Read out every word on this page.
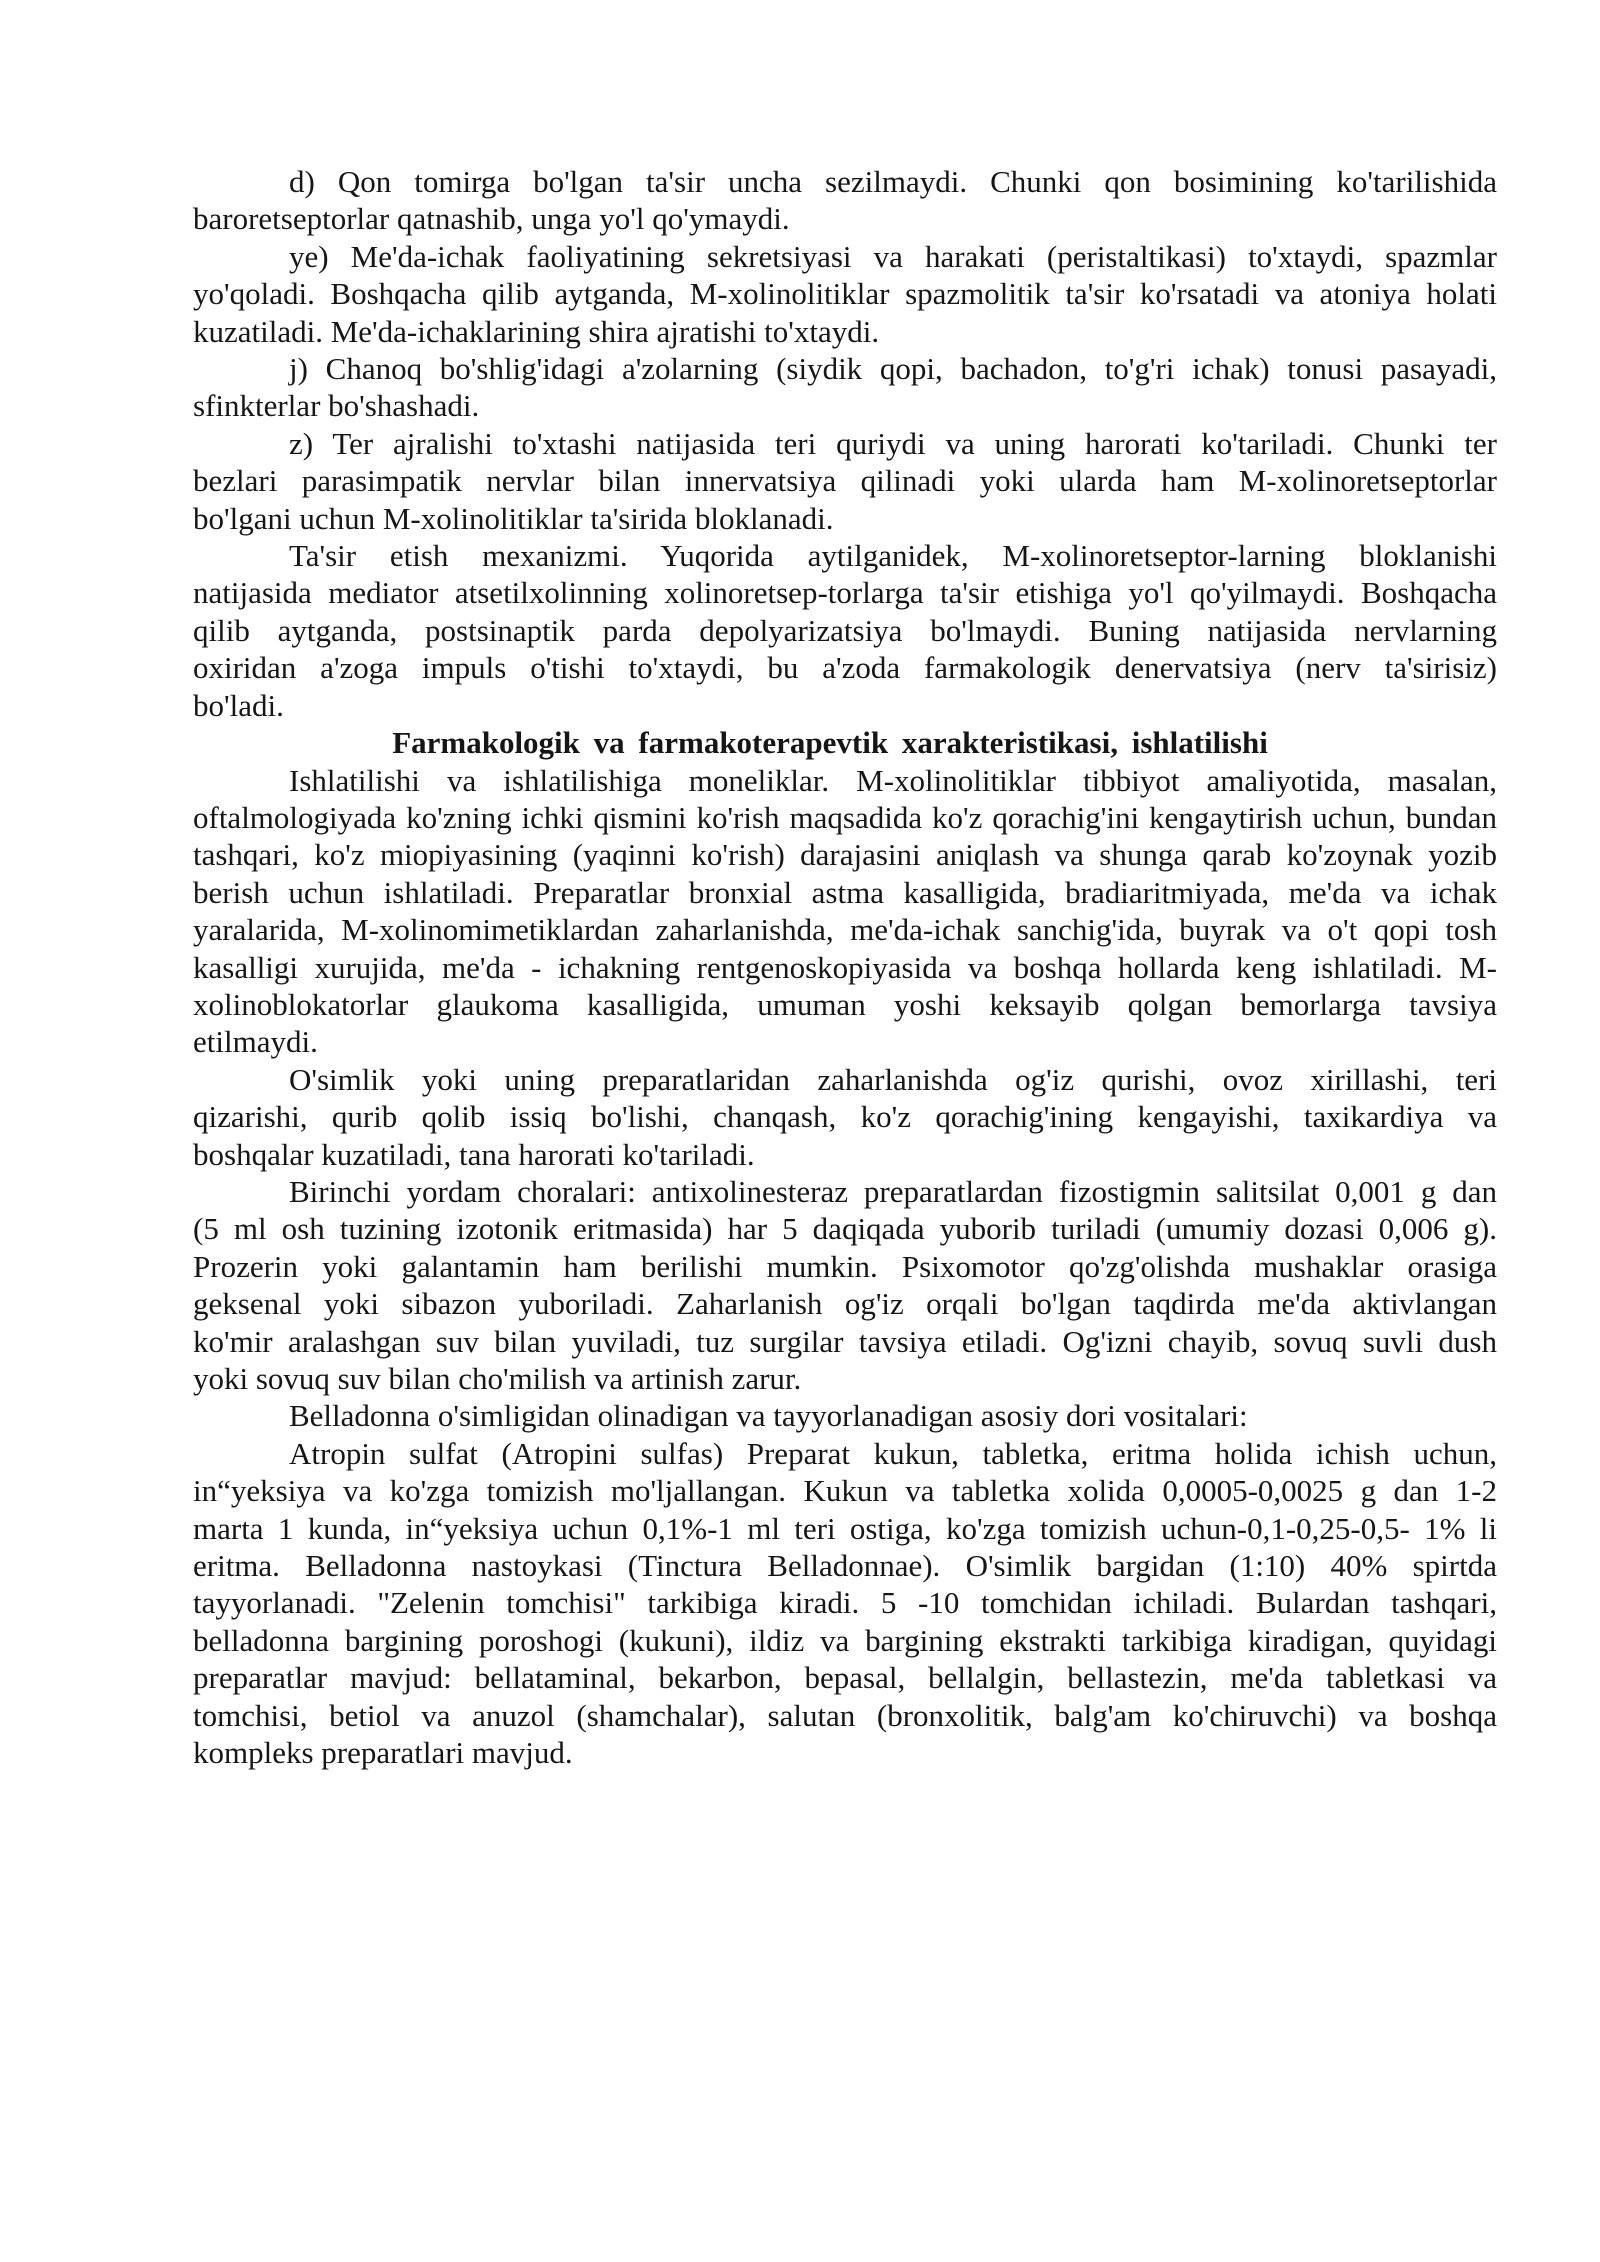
d) Qon tomirga bo'lgan ta'sir uncha sezilmaydi. Chunki qon bosimining ko'tarilishida
baroretseptorlar qatnashib, unga yo'l qo'ymaydi.
ye) Me'da-ichak faoliyatining sekretsiyasi va harakati (peristaltikasi) to'xtaydi, spazmlar
yo'qoladi. Boshqacha qilib aytganda, M-xolinolitiklar spazmolitik ta'sir ko'rsatadi va atoniya holati
kuzatiladi. Me'da-ichaklarining shira ajratishi to'xtaydi.
j) Chanoq bo'shlig'idagi a'zolarning (siydik qopi, bachadon, to'g'ri ichak) tonusi pasayadi,
sfinkterlar bo'shashadi.
z) Ter ajralishi to'xtashi natijasida teri quriydi va uning harorati ko'tariladi. Chunki ter
bezlari parasimpatik nervlar bilan innervatsiya qilinadi yoki ularda ham M-xolinoretseptorlar
bo'lgani uchun M-xolinolitiklar ta'sirida bloklanadi.
Ta'sir etish mexanizmi. Yuqorida aytilganidek, M-xolinoretseptor-larning bloklanishi
natijasida mediator atsetilxolinning xolinoretsep-torlarga ta'sir etishiga yo'l qo'yilmaydi. Boshqacha
qilib aytganda, postsinaptik parda depolyarizatsiya bo'lmaydi. Buning natijasida nervlarning
oxiridan a'zoga impuls o'tishi to'xtaydi, bu a'zoda farmakologik denervatsiya (nerv ta'sirisiz)
bo'ladi.
Farmakologik va farmakoterapevtik xarakteristikasi, ishlatilishi
Ishlatilishi va ishlatilishiga moneliklar. M-xolinolitiklar tibbiyot amaliyotida, masalan,
oftalmologiyada ko'zning ichki qismini ko'rish maqsadida ko'z qorachig'ini kengaytirish uchun, bundan
tashqari, ko'z miopiyasining (yaqinni ko'rish) darajasini aniqlash va shunga qarab ko'zoynak yozib
berish uchun ishlatiladi. Preparatlar bronxial astma kasalligida, bradiaritmiyada, me'da va ichak
yaralarida, M-xolinomimetiklardan zaharlanishda, me'da-ichak sanchig'ida, buyrak va o't qopi tosh
kasalligi xurujida, me'da - ichakning rentgenoskopiyasida va boshqa hollarda keng ishlatiladi. M-
xolinoblokatorlar glaukoma kasalligida, umuman yoshi keksayib qolgan bemorlarga tavsiya
etilmaydi.
O'simlik yoki uning preparatlaridan zaharlanishda og'iz qurishi, ovoz xirillashi, teri
qizarishi, qurib qolib issiq bo'lishi, chanqash, ko'z qorachig'ining kengayishi, taxikardiya va
boshqalar kuzatiladi, tana harorati ko'tariladi.
Birinchi yordam choralari: antixolinesteraz preparatlardan fizostigmin salitsilat 0,001 g dan
(5 ml osh tuzining izotonik eritmasida) har 5 daqiqada yuborib turiladi (umumiy dozasi 0,006 g).
Prozerin yoki galantamin ham berilishi mumkin. Psixomotor qo'zg'olishda mushaklar orasiga
geksenal yoki sibazon yuboriladi. Zaharlanish og'iz orqali bo'lgan taqdirda me'da aktivlangan
ko'mir aralashgan suv bilan yuviladi, tuz surgilar tavsiya etiladi. Og'izni chayib, sovuq suvli dush
yoki sovuq suv bilan cho'milish va artinish zarur.
Belladonna o'simligidan olinadigan va tayyorlanadigan asosiy dori vositalari:
Atropin sulfat (Atropini sulfas) Preparat kukun, tabletka, eritma holida ichish uchun,
in“yeksiya va ko'zga tomizish mo'ljallangan. Kukun va tabletka xolida 0,0005-0,0025 g dan 1-2
marta 1 kunda, in“yeksiya uchun 0,1%-1 ml teri ostiga, ko'zga tomizish uchun-0,1-0,25-0,5- 1% li
eritma. Belladonna nastoykasi (Tinctura Belladonnae). O'simlik bargidan (1:10) 40% spirtda
tayyorlanadi. "Zelenin tomchisi" tarkibiga kiradi. 5 -10 tomchidan ichiladi. Bulardan tashqari,
belladonna bargining poroshogi (kukuni), ildiz va bargining ekstrakti tarkibiga kiradigan, quyidagi
preparatlar mavjud: bellataminal, bekarbon, bepasal, bellalgin, bellastezin, me'da tabletkasi va
tomchisi, betiol va anuzol (shamchalar), salutan (bronxolitik, balg'am ko'chiruvchi) va boshqa
kompleks preparatlari mavjud.
